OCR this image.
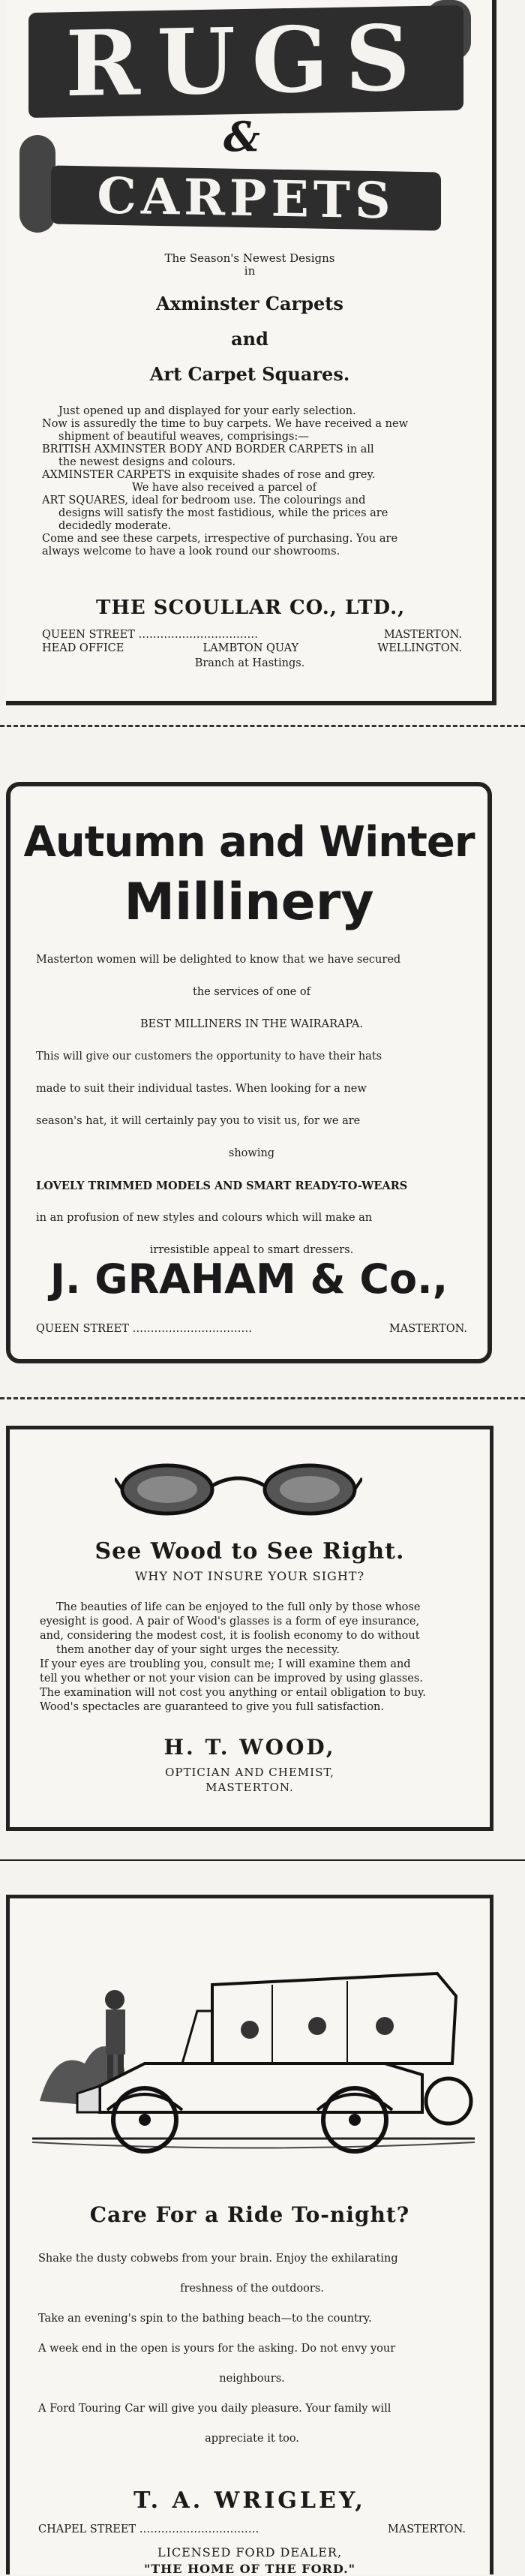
RUGS
&
CARPETS
The Season's Newest Designs
in
Axminster Carpets
and
Art Carpet Squares.

Just opened up and displayed for your early selection.

Now is assuredly the time to buy carpets. We have received a new

shipment of beautiful weaves, comprisings:—

BRITISH AXMINSTER BODY AND BORDER CARPETS in all

the newest designs and colours.

AXMINSTER CARPETS in exquisite shades of rose and grey.

We have also received a parcel of

ART SQUARES, ideal for bedroom use. The colourings and

designs will satisfy the most fastidious, while the prices are

decidedly moderate.

Come and see these carpets, irrespective of purchasing. You are

always welcome to have a look round our showrooms.

THE SCOULLAR CO., LTD.,
QUEEN STREET ……………………………	MASTERTON.
HEAD OFFICE	LAMBTON QUAY	WELLINGTON.
Branch at Hastings.
Autumn and Winter
Millinery

Masterton women will be delighted to know that we have secured

the services of one of

BEST MILLINERS IN THE WAIRARAPA.

This will give our customers the opportunity to have their hats

made to suit their individual tastes. When looking for a new

season's hat, it will certainly pay you to visit us, for we are

showing

LOVELY TRIMMED MODELS AND SMART READY-TO-WEARS

in an profusion of new styles and colours which will make an

irresistible appeal to smart dressers.

J. GRAHAM & Co.,
QUEEN STREET ……………………………	MASTERTON.
See Wood to See Right.
WHY NOT INSURE YOUR SIGHT?

The beauties of life can be enjoyed to the full only by those whose

eyesight is good. A pair of Wood's glasses is a form of eye insurance,

and, considering the modest cost, it is foolish economy to do without

them another day of your sight urges the necessity.

If your eyes are troubling you, consult me; I will examine them and

tell you whether or not your vision can be improved by using glasses.

The examination will not cost you anything or entail obligation to buy.

Wood's spectacles are guaranteed to give you full satisfaction.

H. T. WOOD,
OPTICIAN AND CHEMIST,
MASTERTON.
Care For a Ride To-night?

Shake the dusty cobwebs from your brain. Enjoy the exhilarating

freshness of the outdoors.

Take an evening's spin to the bathing beach—to the country.

A week end in the open is yours for the asking. Do not envy your

neighbours.

A Ford Touring Car will give you daily pleasure. Your family will

appreciate it too.

T. A. WRIGLEY,
CHAPEL STREET ……………………………	MASTERTON.
LICENSED FORD DEALER,
"THE HOME OF THE FORD."
